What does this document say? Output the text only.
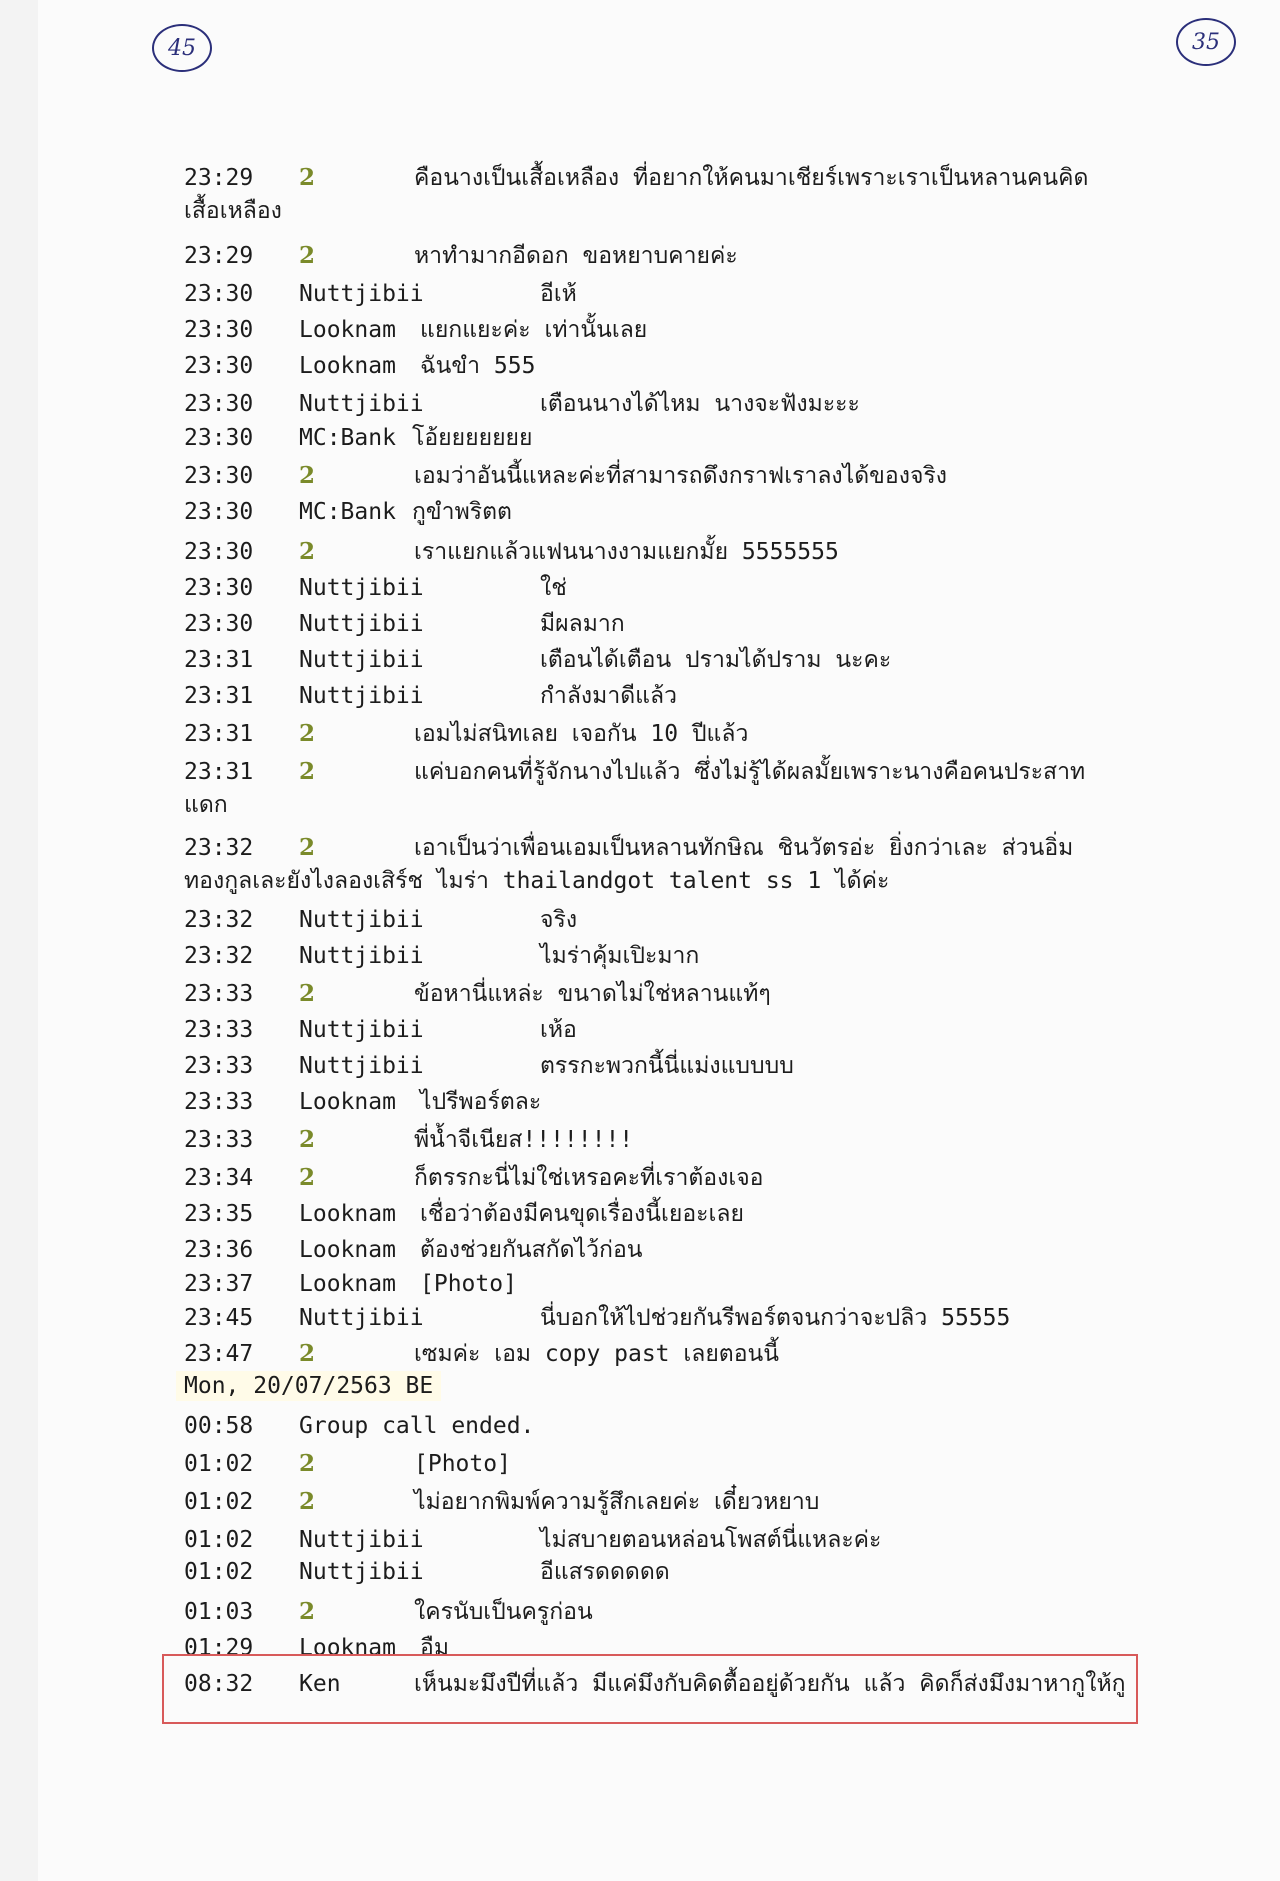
45	35
23:29	2	คือนางเป็นเสื้อเหลือง ที่อยากให้คนมาเชียร์เพราะเราเป็นหลานคนคิด
เสื้อเหลือง
23:29	2	หาทำมากอีดอก ขอหยาบคายค่ะ
23:30	Nuttjibii	อีเห้
23:30	Looknam แยกแยะค่ะ เท่านั้นเลย
23:30	Looknam ฉันขำ 555
23:30	Nuttjibii	เตือนนางได้ไหม นางจะฟังมะะะ
23:30	MC:Bank โอ้ยยยยยยย
23:30	2	เอมว่าอันนี้แหละค่ะที่สามารถดึงกราฟเราลงได้ของจริง
23:30	MC:Bank กูขำพริตต
23:30	2	เราแยกแล้วแฟนนางงามแยกมั้ย 5555555
23:30	Nuttjibii	ใช่
23:30	Nuttjibii	มีผลมาก
23:31	Nuttjibii	เตือนได้เตือน ปรามได้ปราม นะคะ
23:31	Nuttjibii	กำลังมาดีแล้ว
23:31	2	เอมไม่สนิทเลย เจอกัน 10 ปีแล้ว
23:31	2	แค่บอกคนที่รู้จักนางไปแล้ว ซึ่งไม่รู้ได้ผลมั้ยเพราะนางคือคนประสาท
แดก
23:32	2	เอาเป็นว่าเพื่อนเอมเป็นหลานทักษิณ ชินวัตรอ่ะ ยิ่งกว่าเละ ส่วนอิ่ม
ทองกูลเละยังไงลองเสิร์ช ไมร่า thailandgot talent ss 1 ได้ค่ะ
23:32	Nuttjibii	จริง
23:32	Nuttjibii	ไมร่าคุ้มเปิะมาก
23:33	2	ข้อหานี่แหล่ะ ขนาดไม่ใช่หลานแท้ๆ
23:33	Nuttjibii	เห้อ
23:33	Nuttjibii	ตรรกะพวกนี้นี่แม่งแบบบบ
23:33	Looknam ไปรีพอร์ตละ
23:33	2	พี่น้ำจีเนียส!!!!!!!!
23:34	2	ก็ตรรกะนี่ไม่ใช่เหรอคะที่เราต้องเจอ
23:35	Looknam เชื่อว่าต้องมีคนขุดเรื่องนี้เยอะเลย
23:36	Looknam ต้องช่วยกันสกัดไว้ก่อน
23:37	Looknam [Photo]
23:45	Nuttjibii	นี่บอกให้ไปช่วยกันรีพอร์ตจนกว่าจะปลิว 55555
23:47	2	เซมค่ะ เอม copy past เลยตอนนี้
00:58	Group call ended.
01:02	2	[Photo]
01:02	2	ไม่อยากพิมพ์ความรู้สึกเลยค่ะ เดี๋ยวหยาบ
01:02	Nuttjibii	ไม่สบายตอนหล่อนโพสต์นี่แหละค่ะ
01:02	Nuttjibii	อีแสรดดดดด
01:03	2	ใครนับเป็นครูก่อน
01:29	Looknam อืม
08:32	Ken	เห็นมะมึงปีที่แล้ว มีแค่มึงกับคิดตื้ออยู่ด้วยกัน แล้ว คิดก็ส่งมึงมาหากูให้กู
Mon, 20/07/2563 BE
